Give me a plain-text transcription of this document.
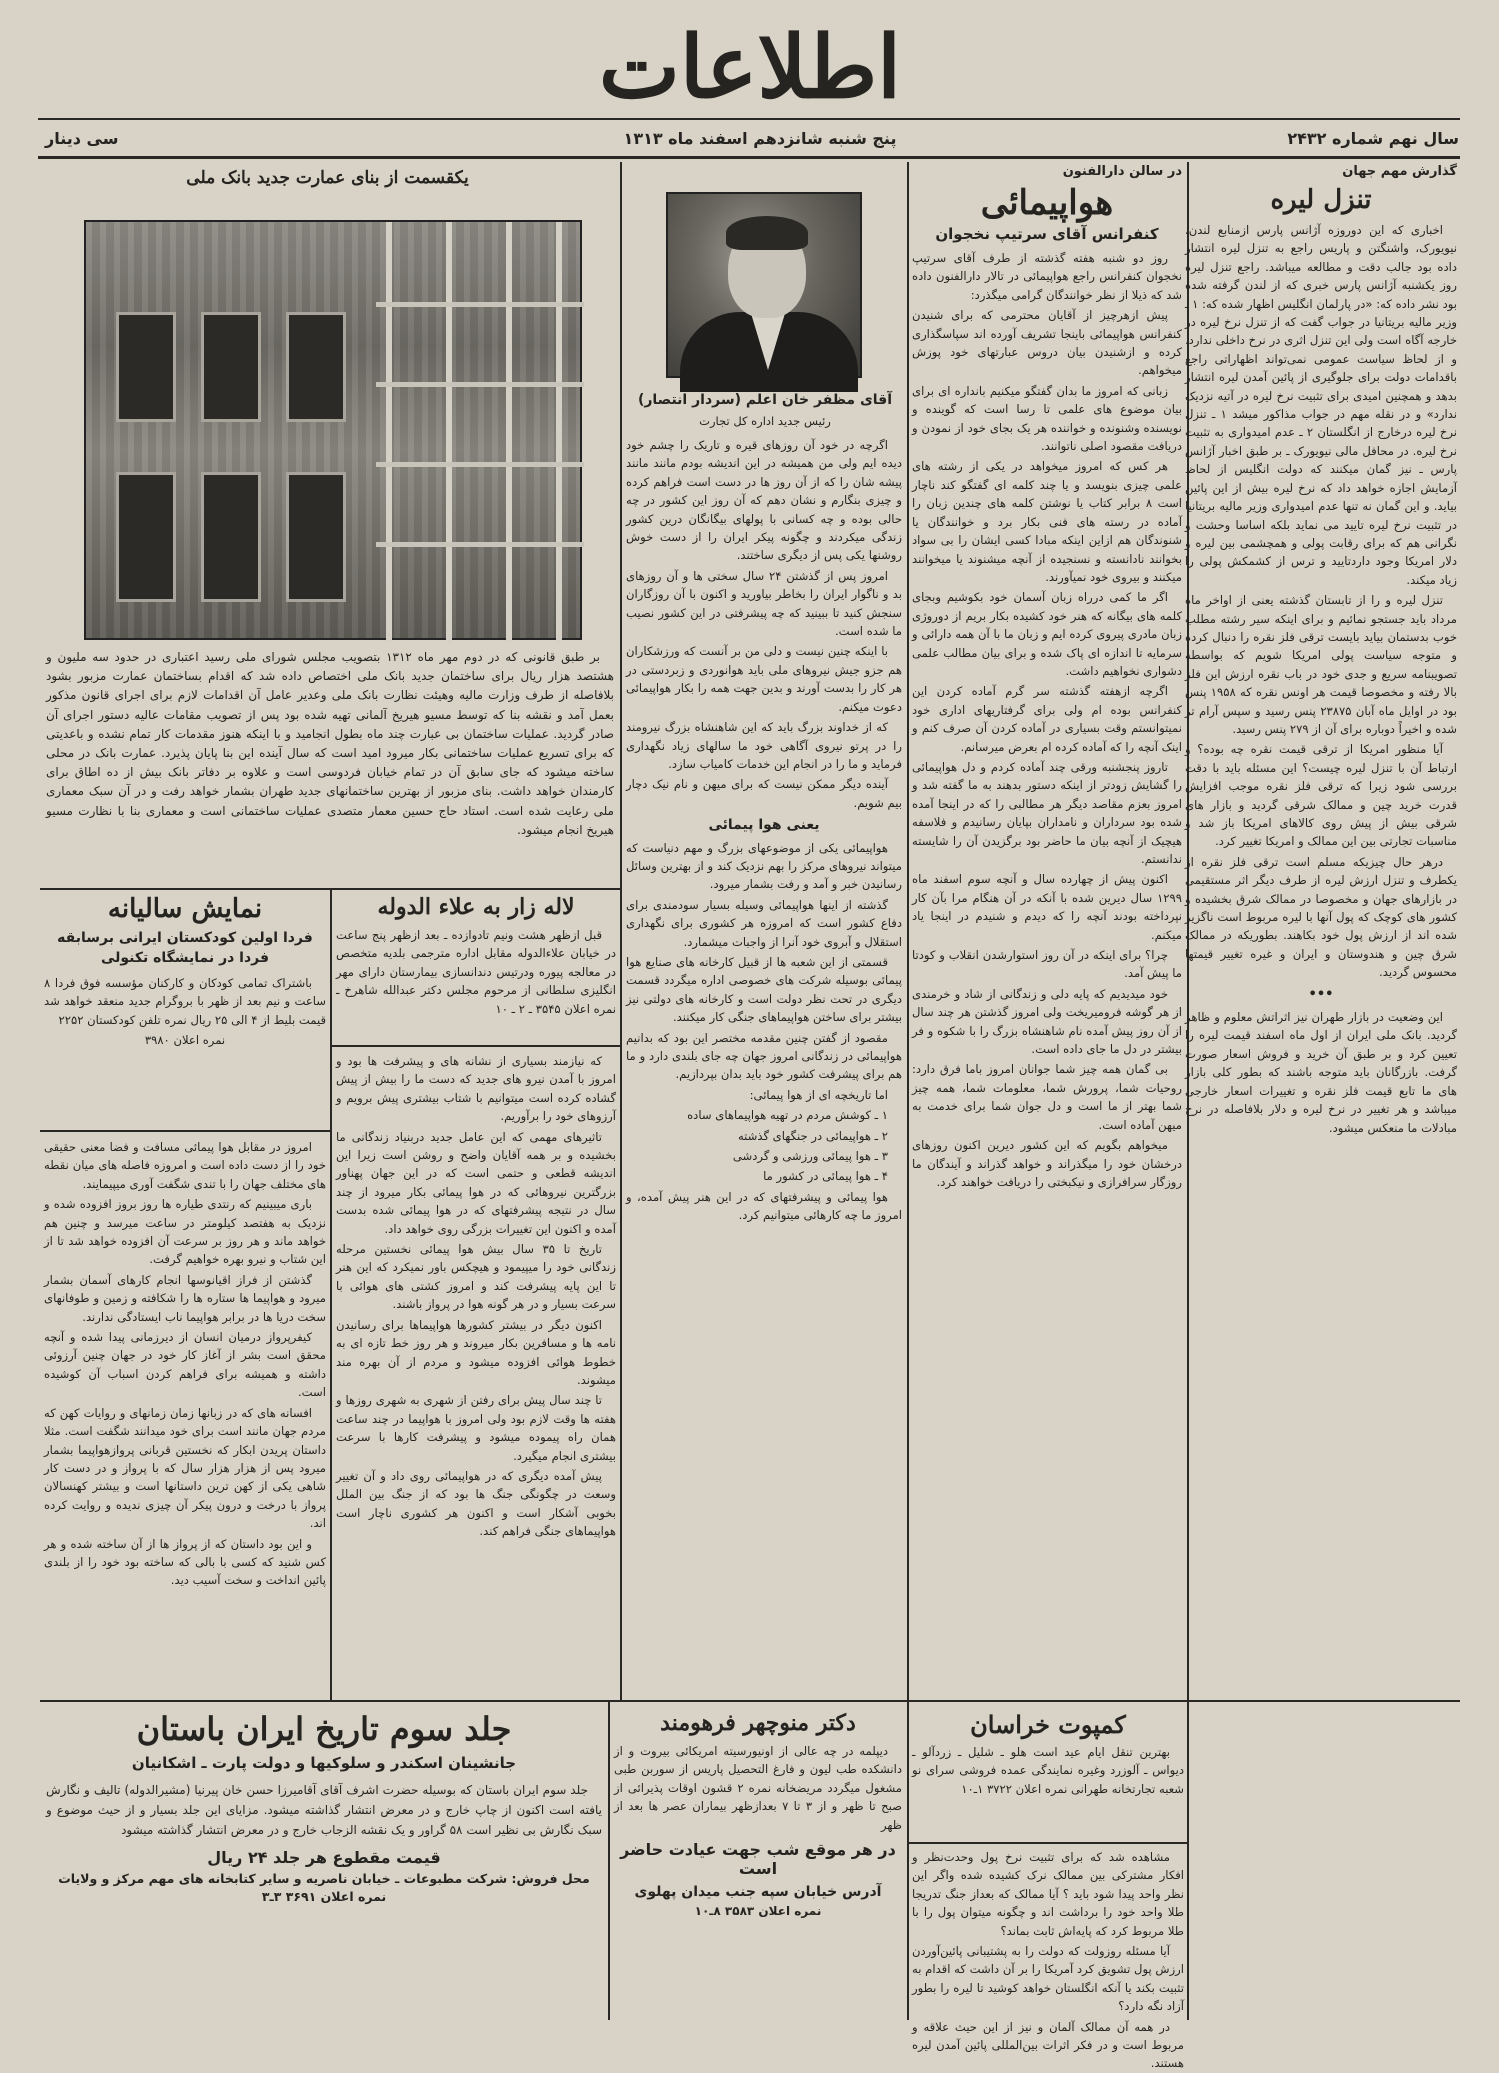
اطلاعات
سال نهم شماره ۲۴۳۲
پنج شنبه شانزدهم اسفند ماه ۱۳۱۳
سی دینار
گذارش مهم جهان
تنزل لیره

اخباری که این دوروزه آژانس پارس ازمنابع لندن، نیویورک، واشنگتن و پاریس راجع به تنزل لیره انتشار داده بود جالب دقت و مطالعه میباشد. راجع تنزل لیره روز یکشنبه آژانس پارس خبری که از لندن گرفته شده بود نشر داده که: «در پارلمان انگلیس اظهار شده که: ۱ ـ وزیر مالیه بریتانیا در جواب گفت که از تنزل نرخ لیره در خارجه آگاه است ولی این تنزل اثری در نرخ داخلی ندارد. و از لحاظ سیاست عمومی نمی‌تواند اظهاراتی راجع باقدامات دولت برای جلوگیری از پائین آمدن لیره انتشار بدهد و همچنین امیدی برای تثبیت نرخ لیره در آتیه نزدیک ندارد» و در نقله مهم در جواب مذاکور میشد ۱ ـ تنزل نرخ لیره درخارج از انگلستان ۲ ـ عدم امیدواری به تثبیت نرخ لیره. در محافل مالی نیویورک ـ بر طبق اخبار آژانس پارس ـ نیز گمان میکنند که دولت انگلیس از لحاظ آزمایش اجازه خواهد داد که نرخ لیره بیش از این پائین بیاید. و این گمان نه تنها عدم امیدواری وزیر مالیه بریتانیا در تثبیت نرخ لیره تایید می نماید بلکه اساسا وحشت و نگرانی هم که برای رقابت پولی و همچشمی بین لیره و دلار امریکا وجود داردتایید و ترس از کشمکش پولی را زیاد میکند.

تنزل لیره و را از تابستان گذشته یعنی از اواخر ماه مرداد باید جستجو نمائیم و برای اینکه سیر رشته مطلب خوب بدستمان بیاید بایست ترقی فلز نقره را دنبال کرده و متوجه سیاست پولی امریکا شویم که بواسطه تصویبنامه سریع و جدی خود در باب نقره ارزش این فلز بالا رفته و مخصوصا قیمت هر اونس نقره که ۱۹۵۸ پنس بود در اوایل ماه آبان ۲۳۸۷۵ پنس رسید و سپس آرام تر شده و اخیراً دوباره برای آن از ۲۷۹ پنس رسید.

آیا منظور امریکا از ترقی قیمت نقره چه بوده؟ و ارتباط آن با تنزل لیره چیست؟ این مسئله باید با دقت بررسی شود زیرا که ترقی فلز نقره موجب افزایش قدرت خرید چین و ممالک شرقی گردید و بازار های شرقی بیش از پیش روی کالاهای امریکا باز شد و مناسبات تجارتی بین این ممالک و امریکا تغییر کرد.

درهر حال چیزیکه مسلم است ترقی فلز نقره از یکطرف و تنزل ارزش لیره از طرف دیگر اثر مستقیمی در بازارهای جهان و مخصوصا در ممالک شرق بخشیده و کشور های کوچک که پول آنها با لیره مربوط است ناگزیر شده اند از ارزش پول خود بکاهند. بطوریکه در ممالک شرق چین و هندوستان و ایران و غیره تغییر قیمتها محسوس گردید.

•••

این وضعیت در بازار طهران نیز اثراتش معلوم و ظاهر گردید. بانک ملی ایران از اول ماه اسفند قیمت لیره را تعیین کرد و بر طبق آن خرید و فروش اسعار صورت گرفت. بازرگانان باید متوجه باشند که بطور کلی بازار های ما تابع قیمت فلز نقره و تغییرات اسعار خارجی میباشد و هر تغییر در نرخ لیره و دلار بلافاصله در نرخ مبادلات ما منعکس میشود.

در سالن دارالفنون
هواپیمائی
کنفرانس آقای سرتیپ نخجوان

روز دو شنبه هفته گذشته از طرف آقای سرتیپ نخجوان کنفرانس راجع هواپیمائی در تالار دارالفنون داده شد که ذیلا از نظر خوانندگان گرامی میگذرد:

پیش ازهرچیز از آقایان محترمی که برای شنیدن کنفرانس هواپیمائی باینجا تشریف آورده اند سپاسگذاری کرده و ازشنیدن بیان دروس عبارتهای خود پوزش میخواهم.

زبانی که امروز ما بدان گفتگو میکنیم بانداره ای برای بیان موضوع های علمی تا رسا است که گوینده و نویسنده وشنونده و خواننده هر یک بجای خود از نمودن و دریافت مقصود اصلی ناتوانند.

هر کس که امروز میخواهد در یکی از رشته های علمی چیزی بنویسد و یا چند کلمه ای گفتگو کند ناچار است ۸ برابر کتاب یا نوشتن کلمه های چندین زبان را آماده در رسته های فنی بکار برد و خوانندگان یا شنوندگان هم ازاین اینکه مبادا کسی ایشان را بی سواد بخوانند نادانسته و نسنجیده از آنچه میشنوند یا میخوانند میکنند و بیروی خود نمیآورند.

اگر ما کمی درراه زبان آسمان خود بکوشیم وبجای کلمه های بیگانه که هنر خود کشیده بکار بریم از دوروژی زبان مادری پیروی کرده ایم و زبان ما با آن همه دارائی و سرمایه تا اندازه ای پاک شده و برای بیان مطالب علمی دشواری نخواهیم داشت.

اگرچه ازهفته گذشته سر گرم آماده کردن این کنفرانس بوده ام ولی برای گرفتاریهای اداری خود نمیتوانستم وقت بسیاری در آماده کردن آن صرف کنم و اینک آنچه را که آماده کرده ام بعرض میرسانم.

تاروز پنجشنبه ورقی چند آماده کردم و دل هواپیمائی را گشایش زودتر از اینکه دستور بدهند به ما گفته شد و امروز بعزم مقاصد دیگر هر مطالبی را که در اینجا آمده شده بود سرداران و نامداران بپایان رسانیدم و فلاسفه هیچیک از آنچه بیان ما حاضر بود برگزیدن آن را شایسته ندانستم.

اکنون پیش از چهارده سال و آنچه سوم اسفند ماه ۱۲۹۹ سال دیرین شده با آنکه در آن هنگام مرا بآن کار نپرداخته بودند آنچه را که دیدم و شنیدم در اینجا یاد میکنم.

چرا؟ برای اینکه در آن روز استوارشدن انقلاب و کودتا ما پیش آمد.

خود میدیدیم که پایه دلی و زندگانی از شاد و خرمندی از هر گوشه فرومیریخت ولی امروز گذشتن هر چند سال از آن روز پیش آمده نام شاهنشاه بزرگ را با شکوه و فر بیشتر در دل ما جای داده است.

بی گمان همه چیز شما جوانان امروز باما فرق دارد: روحیات شما، پرورش شما، معلومات شما، همه چیز شما بهتر از ما است و دل جوان شما برای خدمت به میهن آماده است.

میخواهم بگویم که این کشور دیرین اکنون روزهای درخشان خود را میگذراند و خواهد گذراند و آیندگان ما روزگار سرافرازی و نیکبختی را دریافت خواهند کرد.

آقای مظفر خان اعلم (سردار انتصار)
رئیس جدید اداره کل تجارت

اگرچه در خود آن روزهای قیره و تاریک را چشم خود دیده ایم ولی من همیشه در این اندیشه بودم مانند مانند پیشه شان را که از آن روز ها در دست است فراهم کرده و چیزی بنگارم و نشان دهم که آن روز این کشور در چه حالی بوده و چه کسانی با پولهای بیگانگان درین کشور زندگی میکردند و چگونه پیکر ایران را از دست خوش روشنها یکی پس از دیگری ساختند.

امروز پس از گذشتن ۲۴ سال سختی ها و آن روزهای بد و ناگوار ایران را بخاطر بیاورید و اکنون با آن روزگاران سنجش کنید تا ببینید که چه پیشرفتی در این کشور نصیب ما شده است.

با اینکه چنین نیست و دلی من بر آنست که ورزشکاران هم جزو جیش نیروهای ملی باید هوانوردی و زبردستی در هر کار را بدست آورند و بدین جهت همه را بکار هواپیمائی دعوت میکنم.

که از خداوند بزرگ باید که این شاهنشاه بزرگ نیرومند را در پرتو نیروی آگاهی خود ما سالهای زیاد نگهداری فرماید و ما را در انجام این خدمات کامیاب سازد.

آینده دیگر ممکن نیست که برای میهن و نام نیک دچار بیم شویم.

یعنی هوا پیمائی

هواپیمائی یکی از موضوعهای بزرگ و مهم دنیاست که میتواند نیروهای مرکز را بهم نزدیک کند و از بهترین وسائل رسانیدن خبر و آمد و رفت بشمار میرود.

گذشته از اینها هواپیمائی وسیله بسیار سودمندی برای دفاع کشور است که امروزه هر کشوری برای نگهداری استقلال و آبروی خود آنرا از واجبات میشمارد.

قسمتی از این شعبه ها از قبیل کارخانه های صنایع هوا پیمائی بوسیله شرکت های خصوصی اداره میگردد قسمت دیگری در تحت نظر دولت است و کارخانه های دولتی نیز بیشتر برای ساختن هواپیماهای جنگی کار میکنند.

مقصود از گفتن چنین مقدمه مختصر این بود که بدانیم هواپیمائی در زندگانی امروز جهان چه جای بلندی دارد و ما هم برای پیشرفت کشور خود باید بدان بپردازیم.

اما تاریخچه ای از هوا پیمائی:

۱ ـ کوشش مردم در تهیه هواپیماهای ساده

۲ ـ هواپیمائی در جنگهای گذشته

۳ ـ هوا پیمائی ورزشی و گردشی

۴ ـ هوا پیمائی در کشور ما

هوا پیمائی و پیشرفتهای که در این هنر پیش آمده، و امروز ما چه کارهائی میتوانیم کرد.

یکقسمت از بنای عمارت جدید بانک ملی

بر طبق قانونی که در دوم مهر ماه ۱۳۱۲ بتصویب مجلس شورای ملی رسید اعتباری در حدود سه ملیون و هشتصد هزار ریال برای ساختمان جدید بانک ملی اختصاص داده شد که اقدام بساختمان عمارت مزبور بشود بلافاصله از طرف وزارت مالیه وهیئت نظارت بانک ملی وعدیر عامل آن اقدامات لازم برای اجرای قانون مذکور بعمل آمد و نقشه بنا که توسط مسیو هیریخ آلمانی تهیه شده بود پس از تصویب مقامات عالیه دستور اجرای آن صادر گردید. عملیات ساختمان بی عبارت چند ماه بطول انجامید و با اینکه هنوز مقدمات کار تمام نشده و باعدیتی که برای تسریع عملیات ساختمانی بکار میرود امید است که سال آینده این بنا پایان پذیرد. عمارت بانک در محلی ساخته میشود که جای سابق آن در تمام خیابان فردوسی است و علاوه بر دفاتر بانک بیش از ده اطاق برای کارمندان خواهد داشت. بنای مزبور از بهترین ساختمانهای جدید طهران بشمار خواهد رفت و در آن سبک معماری ملی رعایت شده است. استاد حاج حسین معمار متصدی عملیات ساختمانی است و معماری بنا با نظارت مسیو هیریخ انجام میشود.

نمایش سالیانه
فردا اولین کودکستان ایرانی برسابقه فردا در نمایشگاه تکنولی

باشتراک تمامی کودکان و کارکنان مؤسسه فوق فردا ۸ ساعت و نیم بعد از ظهر با بروگرام جدید منعقد خواهد شد قیمت بلیط از ۴ الی ۲۵ ریال نمره تلفن کودکستان ۲۲۵۲

نمره اعلان ۳۹۸۰

لاله زار به علاء الدوله

قبل ازظهر هشت ونیم تادوازده ـ بعد ازظهر پنج ساعت در خیابان علاءالدوله مقابل اداره مترجمی بلدیه متخصص در معالجه پیوره ودرتیس دندانسازی بیمارستان دارای مهر انگلیزی سلطانی از مرحوم مجلس دکتر عبدالله شاهرخ ـ نمره اعلان ۳۵۴۵ ـ ۲ ـ ۱۰

امروز در مقابل هوا پیمائی مسافت و فضا معنی حقیقی خود را از دست داده است و امروزه فاصله های میان نقطه های مختلف جهان را با تندی شگفت آوری میپیمایند.

باری میبینیم که رنتدی طیاره ها روز بروز افزوده شده و نزدیک به هفتصد کیلومتر در ساعت میرسد و چنین هم خواهد ماند و هر روز بر سرعت آن افزوده خواهد شد تا از این شتاب و نیرو بهره خواهیم گرفت.

گذشتن از فراز اقیانوسها انجام کارهای آسمان بشمار میرود و هواپیما ها ستاره ها را شکافته و زمین و طوفانهای سخت دریا ها در برابر هواپیما ناب ایستادگی ندارند.

کیفرپرواز درمیان انسان از دیرزمانی پیدا شده و آنچه محقق است بشر از آغاز کار خود در جهان چنین آرزوئی داشته و همیشه برای فراهم کردن اسباب آن کوشیده است.

افسانه های که در زبانها زمان زمانهای و روایات کهن که مردم جهان مانند است برای خود میدانند شگفت است. مثلا داستان پریدن ابکار که نخستین قربانی پروازهواپیما بشمار میرود پس از هزار هزار سال که با پرواز و در دست کار شاهی یکی از کهن ترین داستانها است و بیشتر کهنسالان پرواز با درخت و درون پیکر آن چیزی ندیده و روایت کرده اند.

و این بود داستان که از پرواز ها از آن ساخته شده و هر کس شنید که کسی با بالی که ساخته بود خود را از بلندی پائین انداخت و سخت آسیب دید.

که نیازمند بسیاری از نشانه های و پیشرفت ها بود و امروز با آمدن نیرو های جدید که دست ما را بیش از پیش گشاده کرده است میتوانیم با شتاب بیشتری پیش برویم و آرزوهای خود را برآوریم.

تاثیرهای مهمی که این عامل جدید دربنیاد زندگانی ما بخشیده و بر همه آقایان واضح و روشن است زیرا این اندیشه قطعی و حتمی است که در این جهان پهناور بزرگترین نیروهائی که در هوا پیمائی بکار میرود از چند سال در نتیجه پیشرفتهای که در هوا پیمائی شده بدست آمده و اکنون این تغییرات بزرگی روی خواهد داد.

تاریخ تا ۳۵ سال بیش هوا پیمائی نخستین مرحله زندگانی خود را میپیمود و هیچکس باور نمیکرد که این هنر تا این پایه پیشرفت کند و امروز کشتی های هوائی با سرعت بسیار و در هر گونه هوا در پرواز باشند.

اکنون دیگر در بیشتر کشورها هواپیماها برای رسانیدن نامه ها و مسافرین بکار میروند و هر روز خط تازه ای به خطوط هوائی افزوده میشود و مردم از آن بهره مند میشوند.

تا چند سال پیش برای رفتن از شهری به شهری روزها و هفته ها وقت لازم بود ولی امروز با هواپیما در چند ساعت همان راه پیموده میشود و پیشرفت کارها با سرعت بیشتری انجام میگیرد.

پیش آمده دیگری که در هواپیمائی روی داد و آن تغییر وسعت در چگونگی جنگ ها بود که از جنگ بین الملل بخوبی آشکار است و اکنون هر کشوری ناچار است هواپیماهای جنگی فراهم کند.

جلد سوم تاریخ ایران باستان
جانشینان اسکندر و سلوکیها و دولت پارت ـ اشکانیان

جلد سوم ایران باستان که بوسیله حضرت اشرف آقای آقامیرزا حسن خان پیرنیا (مشیرالدوله) تالیف و نگارش یافته است اکنون از چاپ خارج و در معرض انتشار گذاشته میشود. مزایای این جلد بسیار و از حیث موضوع و سبک نگارش بی نظیر است ۵۸ گراور و یک نقشه الزجاب خارج و در معرض انتشار گذاشته میشود

قیمت مقطوع هر جلد ۲۴ ریال
محل فروش: شرکت مطبوعات ـ خیابان ناصریه و سایر کتابخانه های مهم مرکز و ولایات
نمره اعلان ۳۶۹۱ ۳ـ۳
دکتر منوچهر فرهومند

دیپلمه در چه عالی از اونیورسیته امریکائی بیروت و از دانشکده طب لیون و فارغ التحصیل پاریس از سوربن طبی مشغول میگردد مریضخانه نمره ۲ قشون اوقات پذیرائی از صبح تا ظهر و از ۳ تا ۷ بعدازظهر بیماران عصر ها بعد از ظهر

در هر موقع شب جهت عیادت حاضر است
آدرس خیابان سپه جنب میدان پهلوی
نمره اعلان ۳۵۸۳ ۸ـ۱۰
کمپوت خراسان

بهترین تنقل ایام عید است هلو ـ شلیل ـ زردآلو ـ دیواس ـ آلوزرد وغیره نمایندگی عمده فروشی سرای نو شعبه تجارتخانه طهرانی نمره اعلان ۳۷۲۲ ۱ـ۱۰

مشاهده شد که برای تثبیت نرخ پول وحدت‌نظر و افکار مشترکی بین ممالک نرک کشیده شده واگر این نظر واحد پیدا شود باید ؟ آیا ممالک که بعداز جنگ تدریجا طلا واحد خود را برداشت اند و چگونه میتوان پول را با طلا مربوط کرد که پایه‌اش ثابت بماند؟

آیا مسئله روزولت که دولت را به پشتیبانی پائین‌آوردن ارزش پول تشویق کرد آمریکا را بر آن داشت که اقدام به تثبیت بکند یا آنکه انگلستان خواهد کوشید تا لیره را بطور آزاد نگه دارد؟

در همه آن ممالک آلمان و نیز از این حیث علاقه و مربوط است و در فکر اثرات بین‌المللی پائین آمدن لیره هستند.
